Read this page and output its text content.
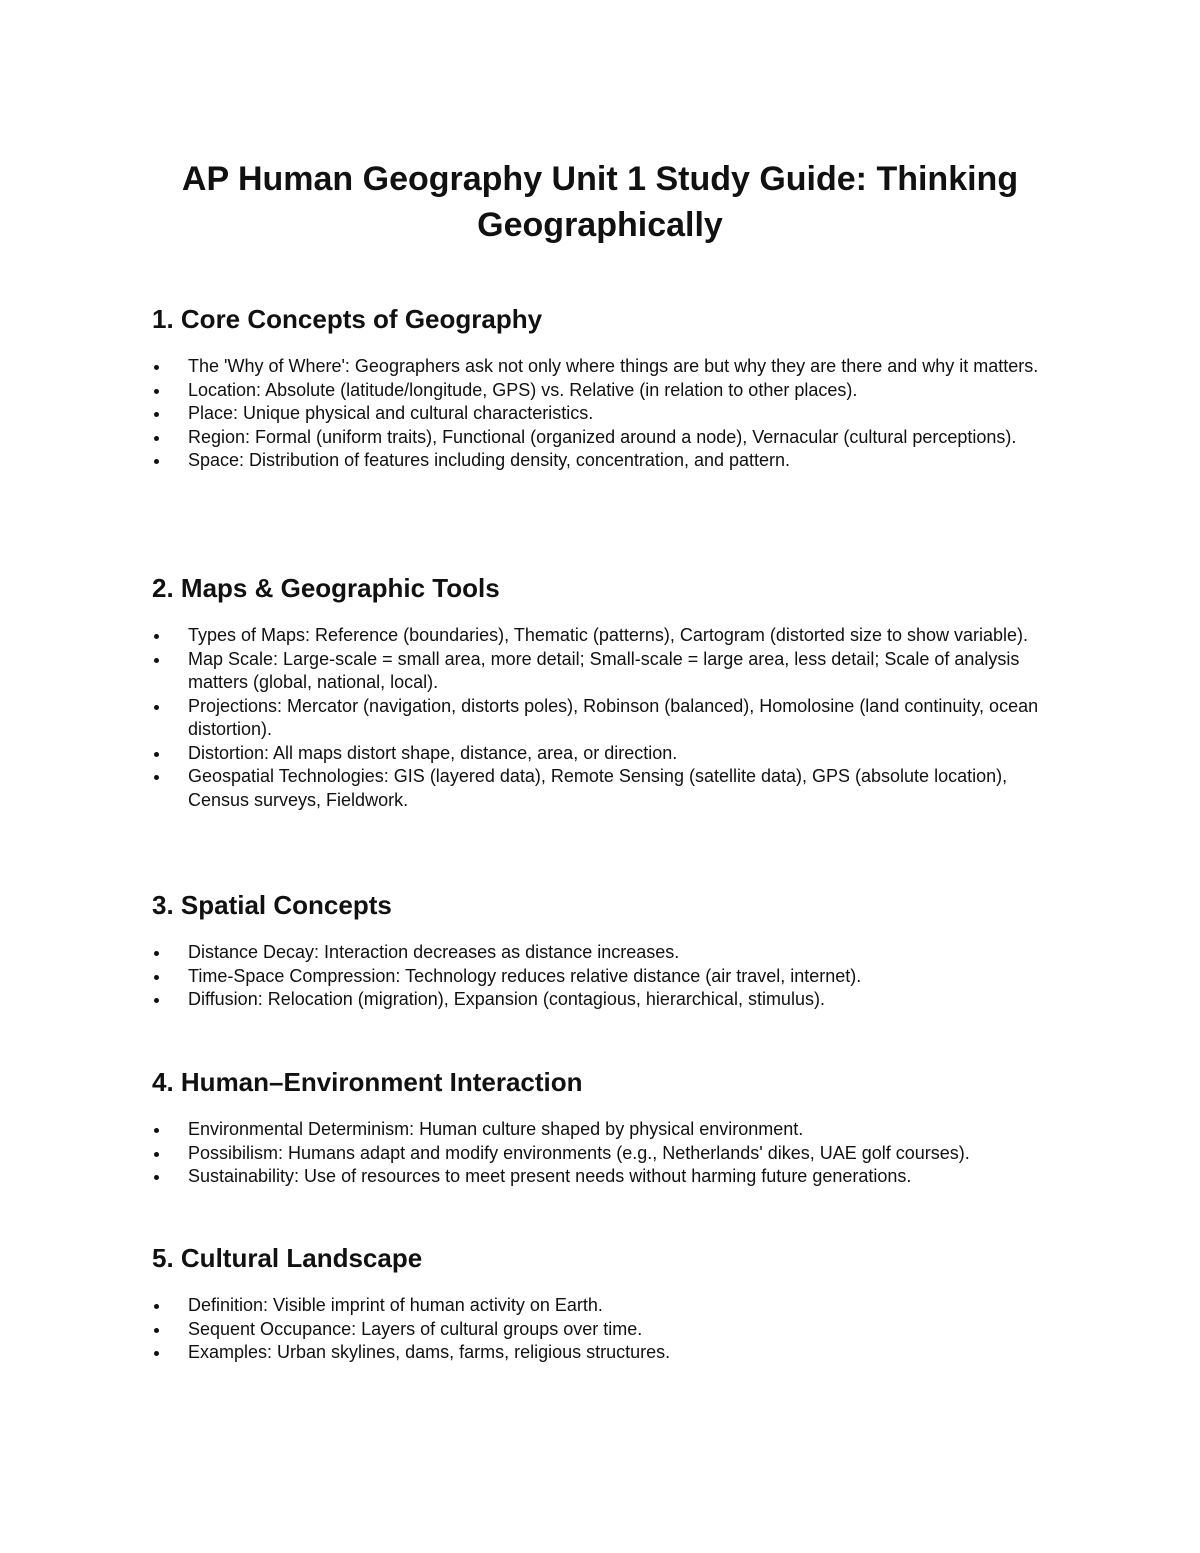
AP Human Geography Unit 1 Study Guide: Thinking Geographically
1. Core Concepts of Geography
The 'Why of Where': Geographers ask not only where things are but why they are there and why it matters.
Location: Absolute (latitude/longitude, GPS) vs. Relative (in relation to other places).
Place: Unique physical and cultural characteristics.
Region: Formal (uniform traits), Functional (organized around a node), Vernacular (cultural perceptions).
Space: Distribution of features including density, concentration, and pattern.
2. Maps & Geographic Tools
Types of Maps: Reference (boundaries), Thematic (patterns), Cartogram (distorted size to show variable).
Map Scale: Large-scale = small area, more detail; Small-scale = large area, less detail; Scale of analysis matters (global, national, local).
Projections: Mercator (navigation, distorts poles), Robinson (balanced), Homolosine (land continuity, ocean distortion).
Distortion: All maps distort shape, distance, area, or direction.
Geospatial Technologies: GIS (layered data), Remote Sensing (satellite data), GPS (absolute location), Census surveys, Fieldwork.
3. Spatial Concepts
Distance Decay: Interaction decreases as distance increases.
Time-Space Compression: Technology reduces relative distance (air travel, internet).
Diffusion: Relocation (migration), Expansion (contagious, hierarchical, stimulus).
4. Human–Environment Interaction
Environmental Determinism: Human culture shaped by physical environment.
Possibilism: Humans adapt and modify environments (e.g., Netherlands' dikes, UAE golf courses).
Sustainability: Use of resources to meet present needs without harming future generations.
5. Cultural Landscape
Definition: Visible imprint of human activity on Earth.
Sequent Occupance: Layers of cultural groups over time.
Examples: Urban skylines, dams, farms, religious structures.
